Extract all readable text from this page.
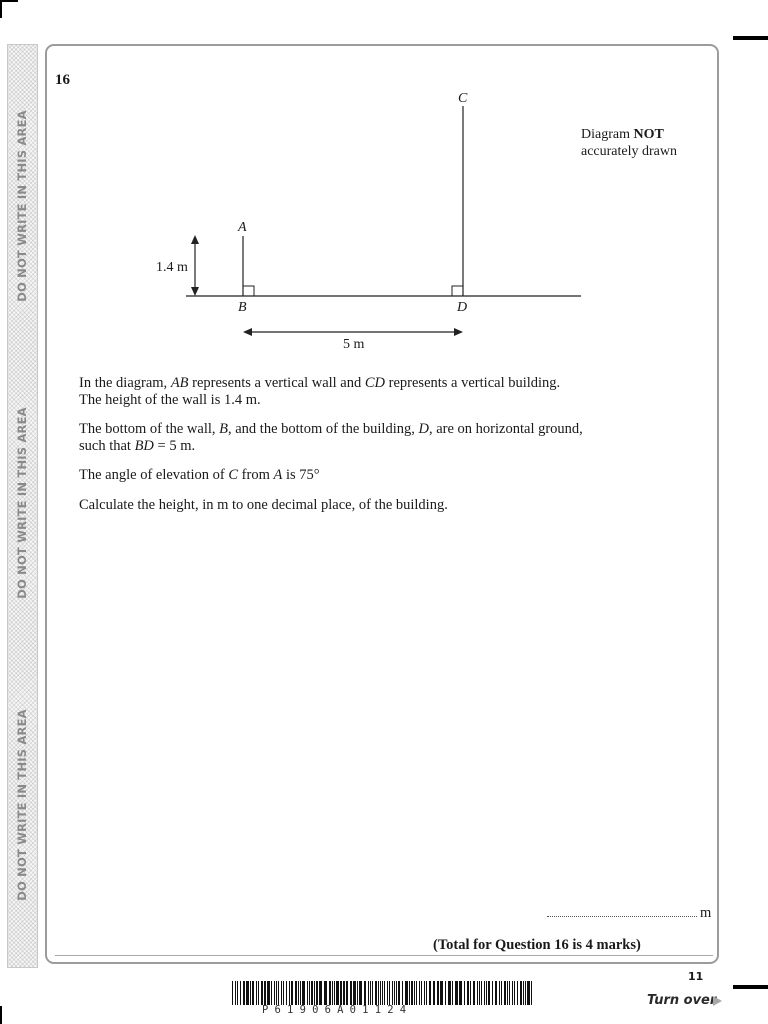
DO NOT WRITE IN THIS AREA
DO NOT WRITE IN THIS AREA
DO NOT WRITE IN THIS AREA
16
C
A
B	D
1.4 m
5 m
Diagram NOT
accurately drawn
In the diagram, AB represents a vertical wall and CD represents a vertical building.
The height of the wall is 1.4 m.
The bottom of the wall, B, and the bottom of the building, D, are on horizontal ground,
such that BD = 5 m.
The angle of elevation of C from A is 75°
Calculate the height, in m to one decimal place, of the building.
m
(Total for Question 16 is 4 marks)
11
Turn over
P61906A01124
